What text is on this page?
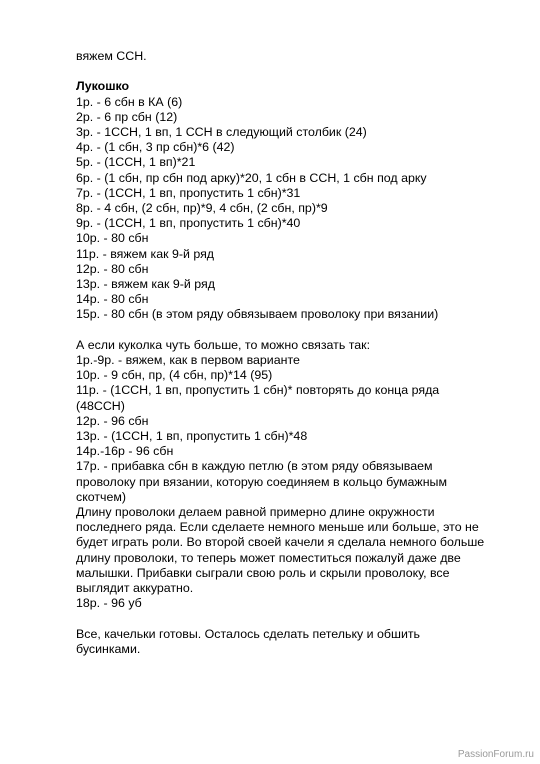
вяжем ССН.
Лукошко
1р. - 6 сбн в КА (6)
2р. - 6 пр сбн (12)
3р. - 1ССН, 1 вп, 1 ССН в следующий столбик (24)
4р. - (1 сбн, 3 пр сбн)*6 (42)
5р. - (1ССН, 1 вп)*21
6р. - (1 сбн, пр сбн под арку)*20, 1 сбн в ССН, 1 сбн под арку
7р. - (1ССН, 1 вп, пропустить 1 сбн)*31
8р. - 4 сбн, (2 сбн, пр)*9, 4 сбн, (2 сбн, пр)*9
9р. - (1ССН, 1 вп, пропустить 1 сбн)*40
10р. - 80 сбн
11р. - вяжем как 9-й ряд
12р. - 80 сбн
13р. - вяжем как 9-й ряд
14р. - 80 сбн
15р. - 80 сбн (в этом ряду обвязываем проволоку при вязании)
А если куколка чуть больше, то можно связать так:
1р.-9р. - вяжем, как в первом варианте
10р. - 9 сбн, пр, (4 сбн, пр)*14 (95)
11р. - (1ССН, 1 вп, пропустить 1 сбн)* повторять до конца ряда
(48ССН)
12р. - 96 сбн
13р. - (1ССН, 1 вп, пропустить 1 сбн)*48
14р.-16р - 96 сбн
17р. - прибавка сбн в каждую петлю (в этом ряду обвязываем
проволоку при вязании, которую соединяем в кольцо бумажным
скотчем)
Длину проволоки делаем равной примерно длине окружности
последнего ряда. Если сделаете немного меньше или больше, это не
будет играть роли. Во второй своей качели я сделала немного больше
длину проволоки, то теперь может поместиться пожалуй даже две
малышки. Прибавки сыграли свою роль и скрыли проволоку, все
выглядит аккуратно.
18р. - 96 уб
Все, качельки готовы. Осталось сделать петельку и обшить
бусинками.
PassionForum.ru
